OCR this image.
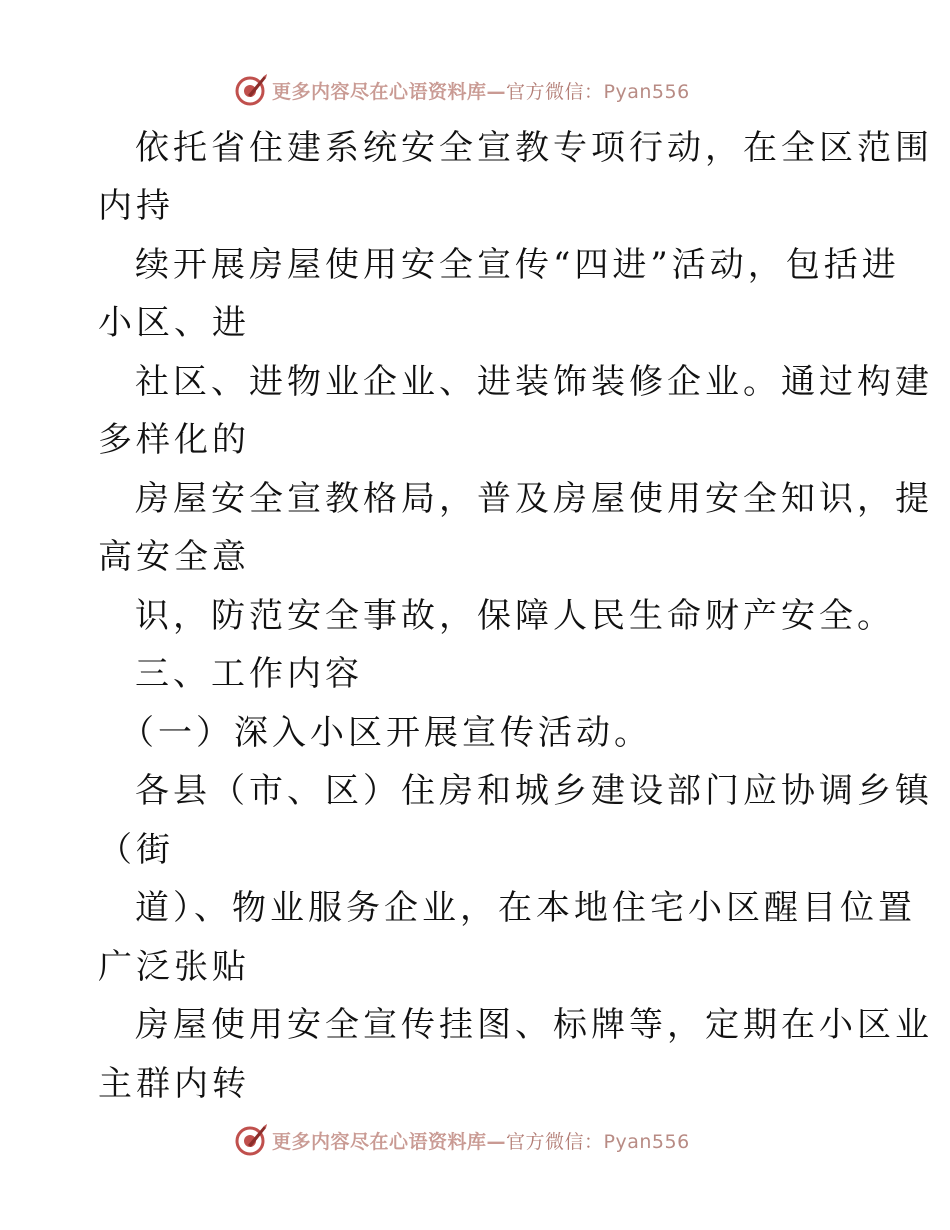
更多内容尽在心语资料库—官方微信：Pyan556
依托省住建系统安全宣教专项行动，在全区范围
内持
续开展房屋使用安全宣传“四进”活动，包括进
小区、进
社区、进物业企业、进装饰装修企业。通过构建
多样化的
房屋安全宣教格局，普及房屋使用安全知识，提
高安全意
识，防范安全事故，保障人民生命财产安全。
三、工作内容
（一）深入小区开展宣传活动。
各县（市、区）住房和城乡建设部门应协调乡镇
（街
道）、物业服务企业，在本地住宅小区醒目位置
广泛张贴
房屋使用安全宣传挂图、标牌等，定期在小区业
主群内转
更多内容尽在心语资料库—官方微信：Pyan556
